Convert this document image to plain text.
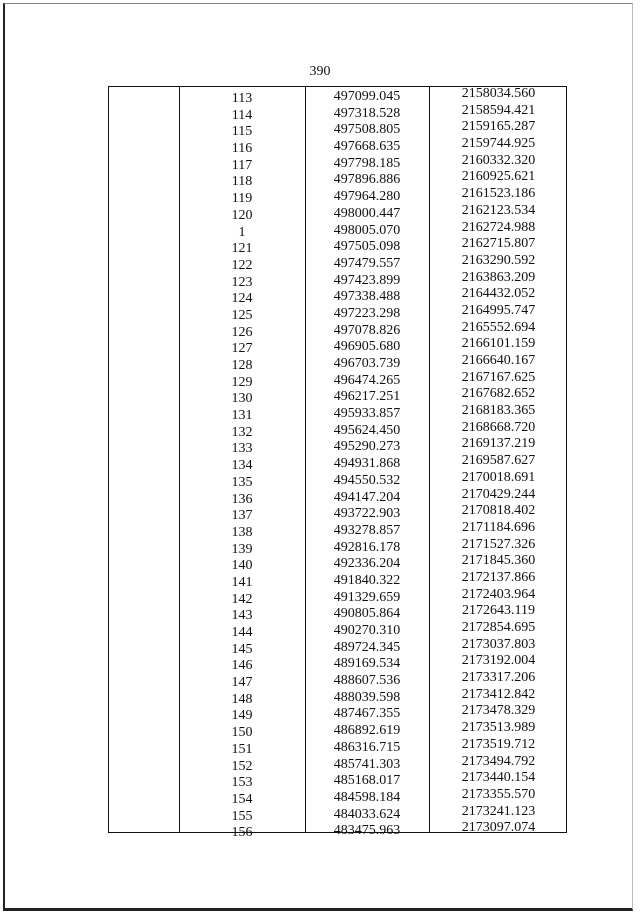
390
113	497099.045	2158034.560
114	497318.528	2158594.421
115	497508.805	2159165.287
116	497668.635	2159744.925
117	497798.185	2160332.320
118	497896.886	2160925.621
119	497964.280	2161523.186
120	498000.447	2162123.534
1	498005.070	2162724.988
121	497505.098	2162715.807
122	497479.557	2163290.592
123	497423.899	2163863.209
124	497338.488	2164432.052
125	497223.298	2164995.747
126	497078.826	2165552.694
127	496905.680	2166101.159
128	496703.739	2166640.167
129	496474.265	2167167.625
130	496217.251	2167682.652
131	495933.857	2168183.365
132	495624.450	2168668.720
133	495290.273	2169137.219
134	494931.868	2169587.627
135	494550.532	2170018.691
136	494147.204	2170429.244
137	493722.903	2170818.402
138	493278.857	2171184.696
139	492816.178	2171527.326
140	492336.204	2171845.360
141	491840.322	2172137.866
142	491329.659	2172403.964
143	490805.864	2172643.119
144	490270.310	2172854.695
145	489724.345	2173037.803
146	489169.534	2173192.004
147	488607.536	2173317.206
148	488039.598	2173412.842
149	487467.355	2173478.329
150	486892.619	2173513.989
151	486316.715	2173519.712
152	485741.303	2173494.792
153	485168.017	2173440.154
154	484598.184	2173355.570
155	484033.624	2173241.123
156	483475.963	2173097.074
